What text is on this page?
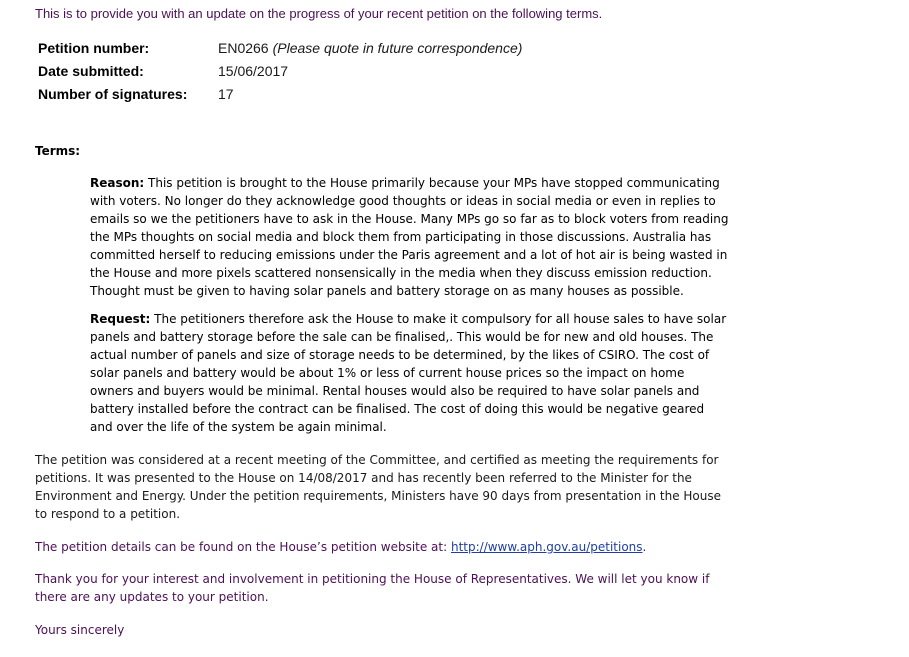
This is to provide you with an update on the progress of your recent petition on the following terms.
Petition number:	EN0266 (Please quote in future correspondence)
Date submitted:	15/06/2017
Number of signatures:	17
Terms:
Reason: This petition is brought to the House primarily because your MPs have stopped communicating with voters. No longer do they acknowledge good thoughts or ideas in social media or even in replies to emails so we the petitioners have to ask in the House. Many MPs go so far as to block voters from reading the MPs thoughts on social media and block them from participating in those discussions. Australia has committed herself to reducing emissions under the Paris agreement and a lot of hot air is being wasted in the House and more pixels scattered nonsensically in the media when they discuss emission reduction. Thought must be given to having solar panels and battery storage on as many houses as possible.
Request: The petitioners therefore ask the House to make it compulsory for all house sales to have solar panels and battery storage before the sale can be finalised,. This would be for new and old houses. The actual number of panels and size of storage needs to be determined, by the likes of CSIRO. The cost of solar panels and battery would be about 1% or less of current house prices so the impact on home owners and buyers would be minimal. Rental houses would also be required to have solar panels and battery installed before the contract can be finalised. The cost of doing this would be negative geared and over the life of the system be again minimal.
The petition was considered at a recent meeting of the Committee, and certified as meeting the requirements for petitions. It was presented to the House on 14/08/2017 and has recently been referred to the Minister for the Environment and Energy. Under the petition requirements, Ministers have 90 days from presentation in the House to respond to a petition.
The petition details can be found on the House’s petition website at: http://www.aph.gov.au/petitions.
Thank you for your interest and involvement in petitioning the House of Representatives. We will let you know if there are any updates to your petition.
Yours sincerely
